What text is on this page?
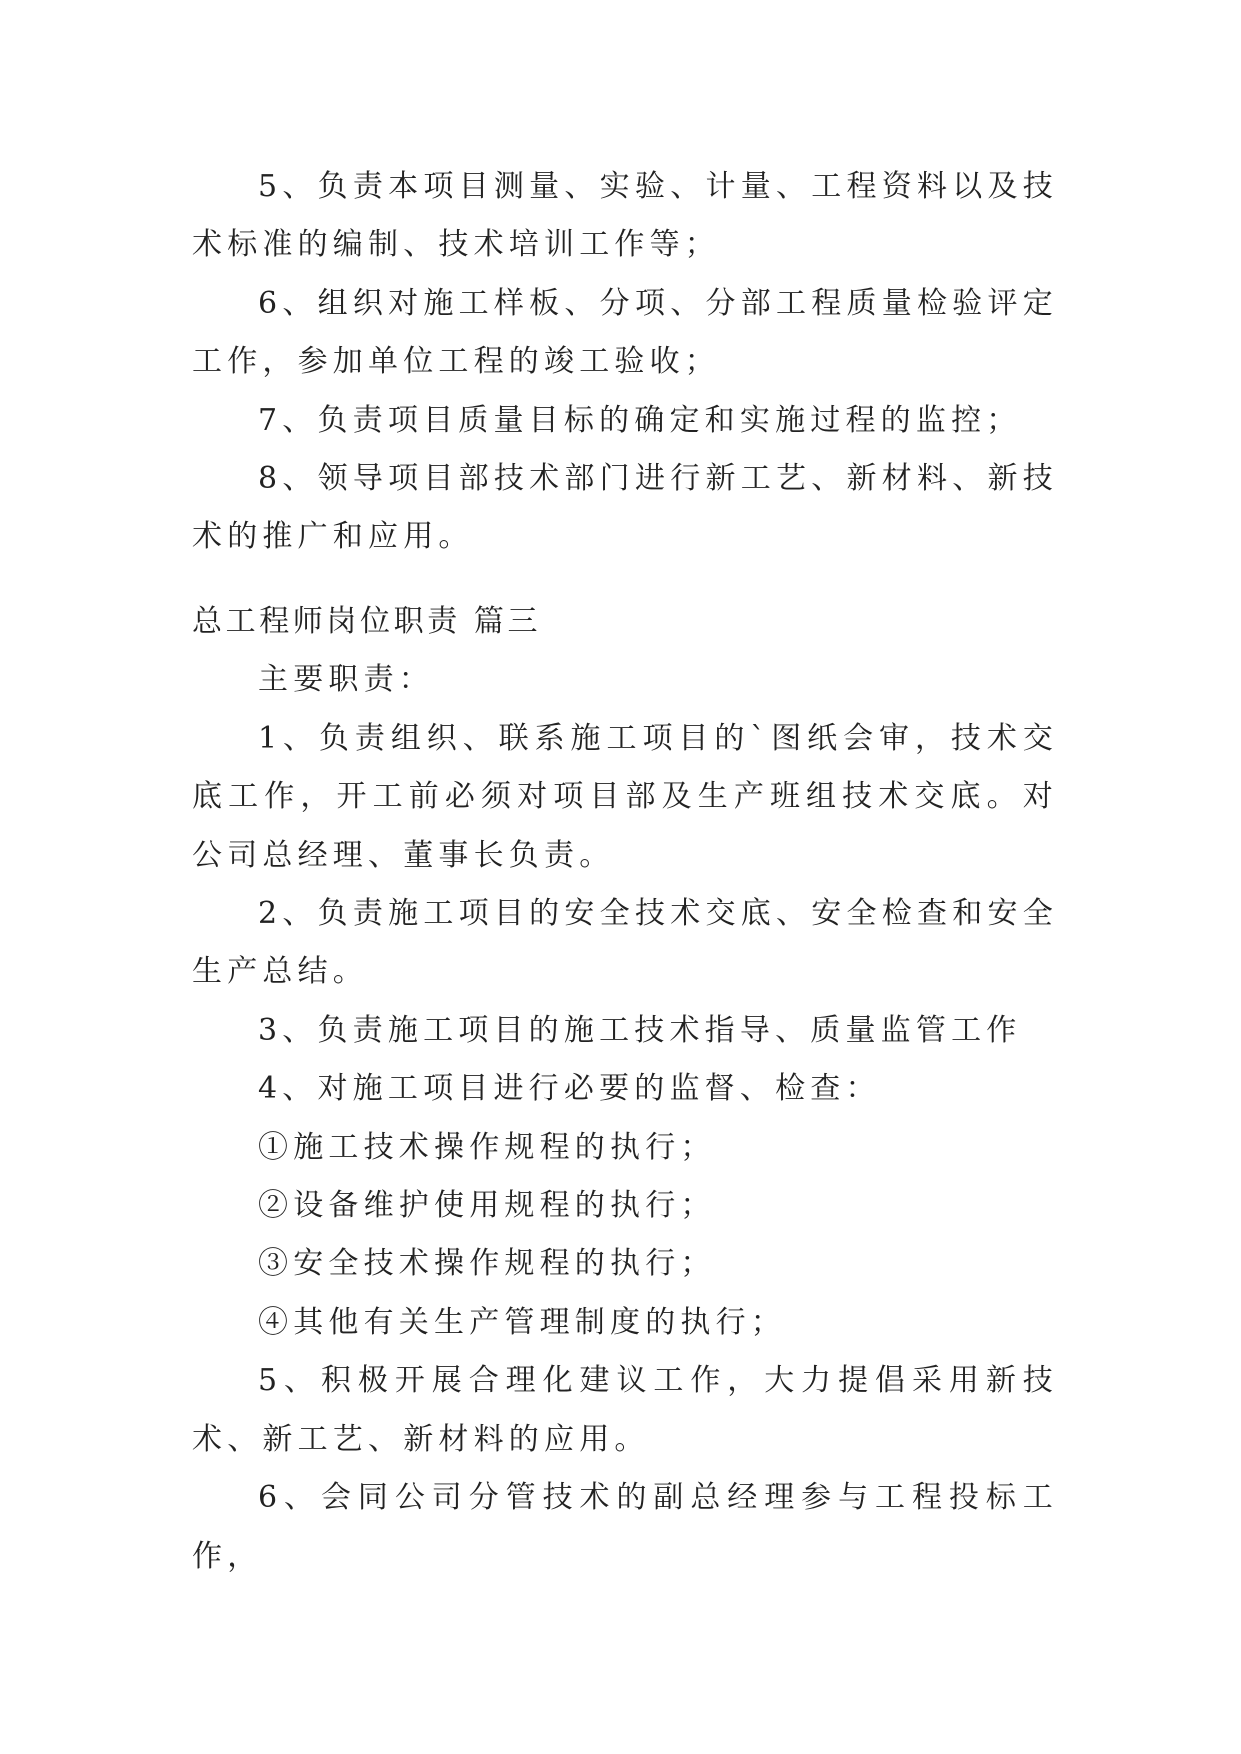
5、负责本项目测量、实验、计量、工程资料以及技术标准的编制、技术培训工作等；

6、组织对施工样板、分项、分部工程质量检验评定工作，参加单位工程的竣工验收；

7、负责项目质量目标的确定和实施过程的监控；

8、领导项目部技术部门进行新工艺、新材料、新技术的推广和应用。

总工程师岗位职责 篇三

主要职责：

1、负责组织、联系施工项目的`图纸会审，技术交底工作，开工前必须对项目部及生产班组技术交底。对公司总经理、董事长负责。

2、负责施工项目的安全技术交底、安全检查和安全生产总结。

3、负责施工项目的施工技术指导、质量监管工作

4、对施工项目进行必要的监督、检查：

①施工技术操作规程的执行；

②设备维护使用规程的执行；

③安全技术操作规程的执行；

④其他有关生产管理制度的执行；

5、积极开展合理化建议工作，大力提倡采用新技术、新工艺、新材料的应用。

6、会同公司分管技术的副总经理参与工程投标工作，
